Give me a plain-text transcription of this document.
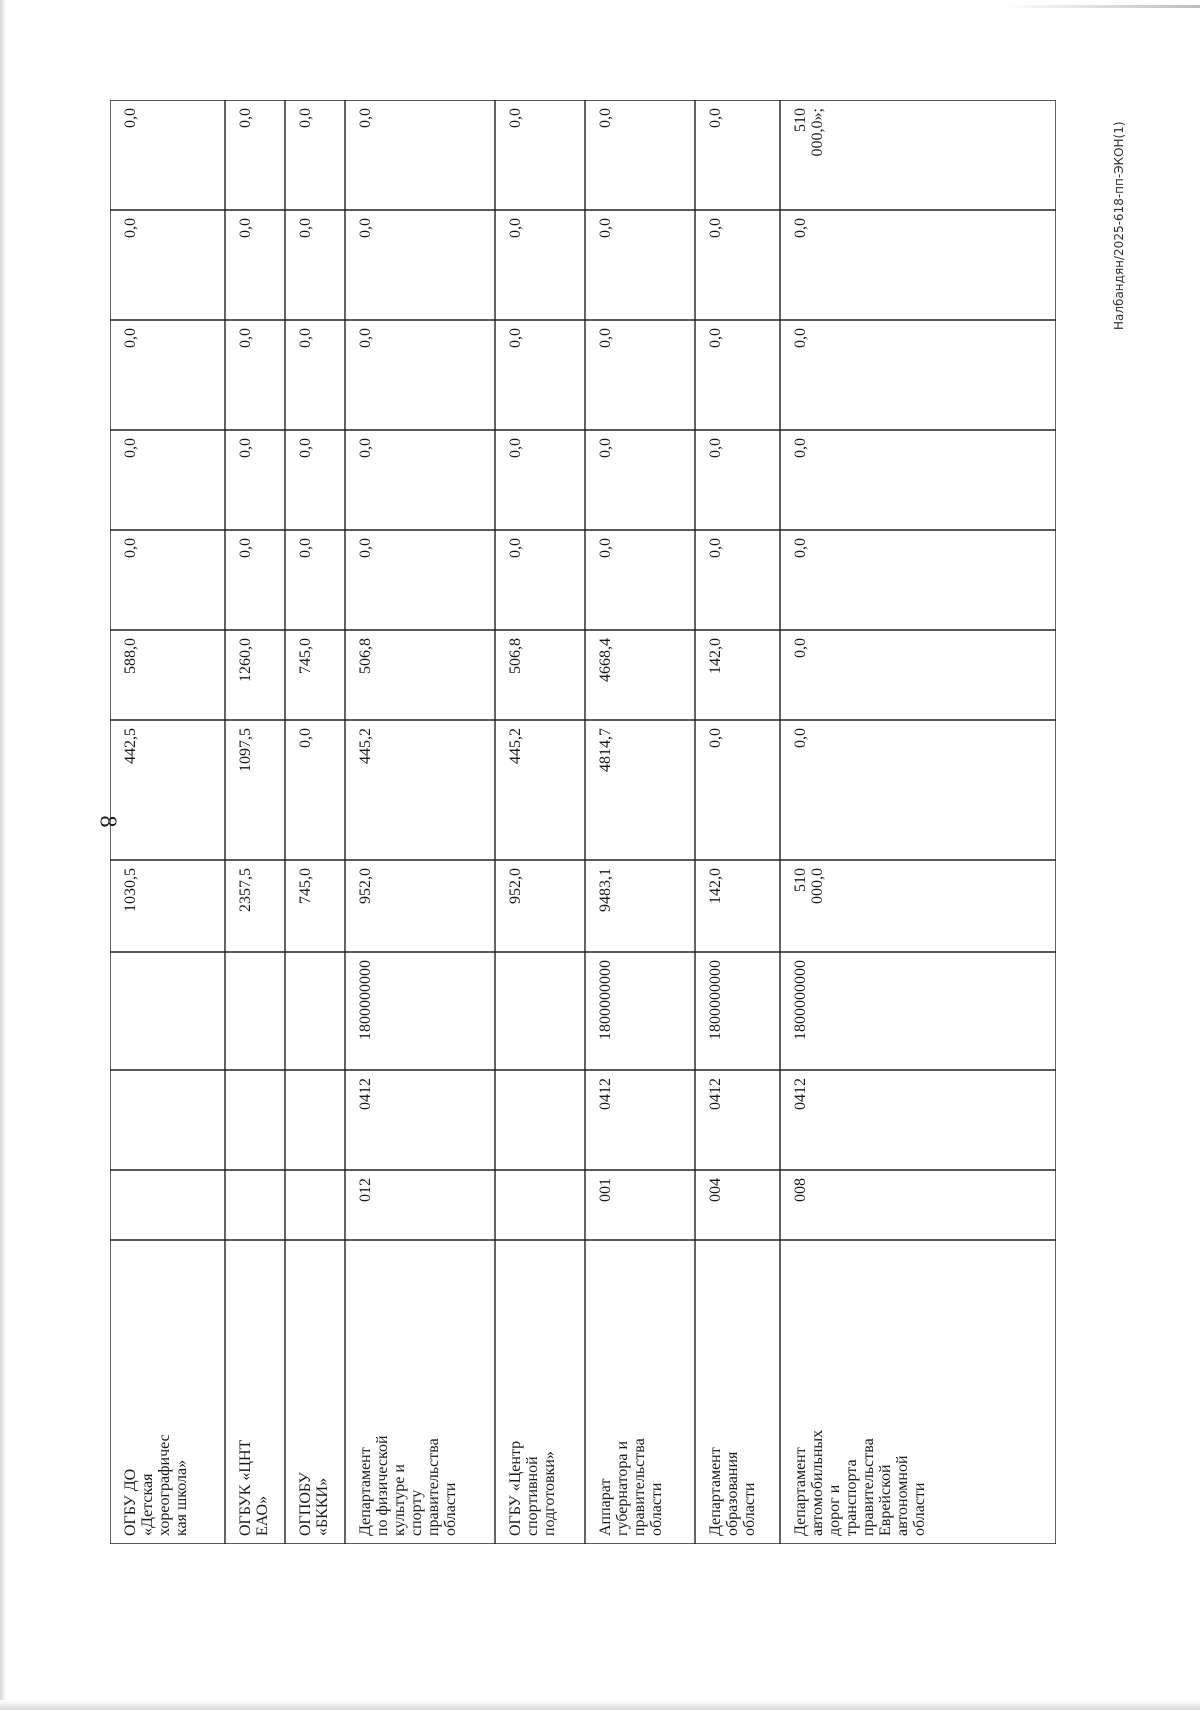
8
Налбандян/2025-618-пп-ЭКОН(1)
0,0
0,0
0,0
0,0
0,0
588,0
442,5
1030,5
ОГБУ ДО
«Детская
хореографичес
кая школа»
0,0
0,0
0,0
0,0
0,0
1260,0
1097,5
2357,5
ОГБУК «ЦНТ
ЕАО»
0,0
0,0
0,0
0,0
0,0
745,0
0,0
745,0
ОГПОБУ
«БККИ»
0,0
0,0
0,0
0,0
0,0
506,8
445,2
952,0
1800000000
0412
012
Департамент
по физической
культуре и
спорту
правительства
области
0,0
0,0
0,0
0,0
0,0
506,8
445,2
952,0
ОГБУ «Центр
спортивной
подготовки»
0,0
0,0
0,0
0,0
0,0
4668,4
4814,7
9483,1
1800000000
0412
001
Аппарат
губернатора и
правительства
области
0,0
0,0
0,0
0,0
0,0
142,0
0,0
142,0
1800000000
0412
004
Департамент
образования
области
510
000,0»;
0,0
0,0
0,0
0,0
0,0
0,0
510
000,0
1800000000
0412
008
Департамент
автомобильных
дорог и
транспорта
правительства
Еврейской
автономной
области
